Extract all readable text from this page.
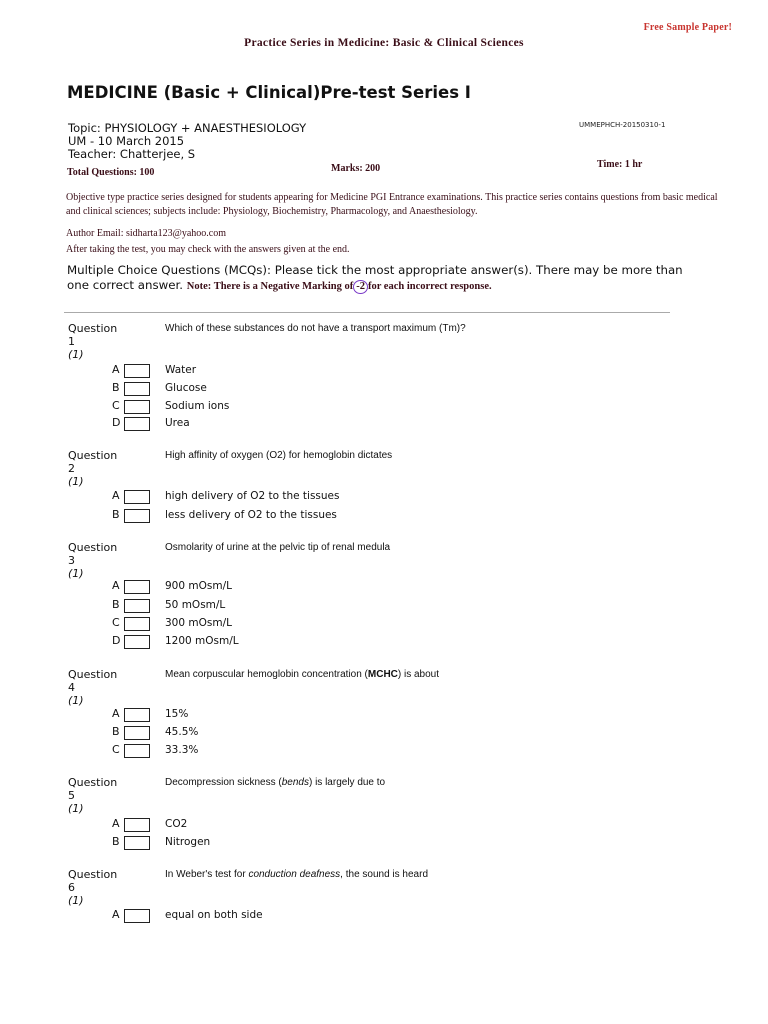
Free Sample Paper!
Practice Series in Medicine: Basic & Clinical Sciences
MEDICINE (Basic + Clinical)Pre-test Series I
Topic: PHYSIOLOGY + ANAESTHESIOLOGY
UM - 10 March 2015
Teacher: Chatterjee, S
UMMEPHCH-20150310-1
Total Questions: 100	Marks: 200	Time: 1 hr
Objective type practice series designed for students appearing for Medicine PGI Entrance examinations. This practice series contains questions from basic medical and clinical sciences; subjects include: Physiology, Biochemistry, Pharmacology, and Anaesthesiology.
Author Email: sidharta123@yahoo.com
After taking the test, you may check with the answers given at the end.
Multiple Choice Questions (MCQs): Please tick the most appropriate answer(s). There may be more than one correct answer. Note: There is a Negative Marking of -2 for each incorrect response.
Question
1
(1)
Which of these substances do not have a transport maximum (Tm)?
A	Water
B	Glucose
C	Sodium ions
D	Urea
Question
2
(1)
High affinity of oxygen (O2) for hemoglobin dictates
A	high delivery of O2 to the tissues
B	less delivery of O2 to the tissues
Question
3
(1)
Osmolarity of urine at the pelvic tip of renal medula
A	900 mOsm/L
B	50 mOsm/L
C	300 mOsm/L
D	1200 mOsm/L
Question
4
(1)
Mean corpuscular hemoglobin concentration (MCHC) is about
A	15%
B	45.5%
C	33.3%
Question
5
(1)
Decompression sickness (bends) is largely due to
A	CO2
B	Nitrogen
Question
6
(1)
In Weber's test for conduction deafness, the sound is heard
A	equal on both side
